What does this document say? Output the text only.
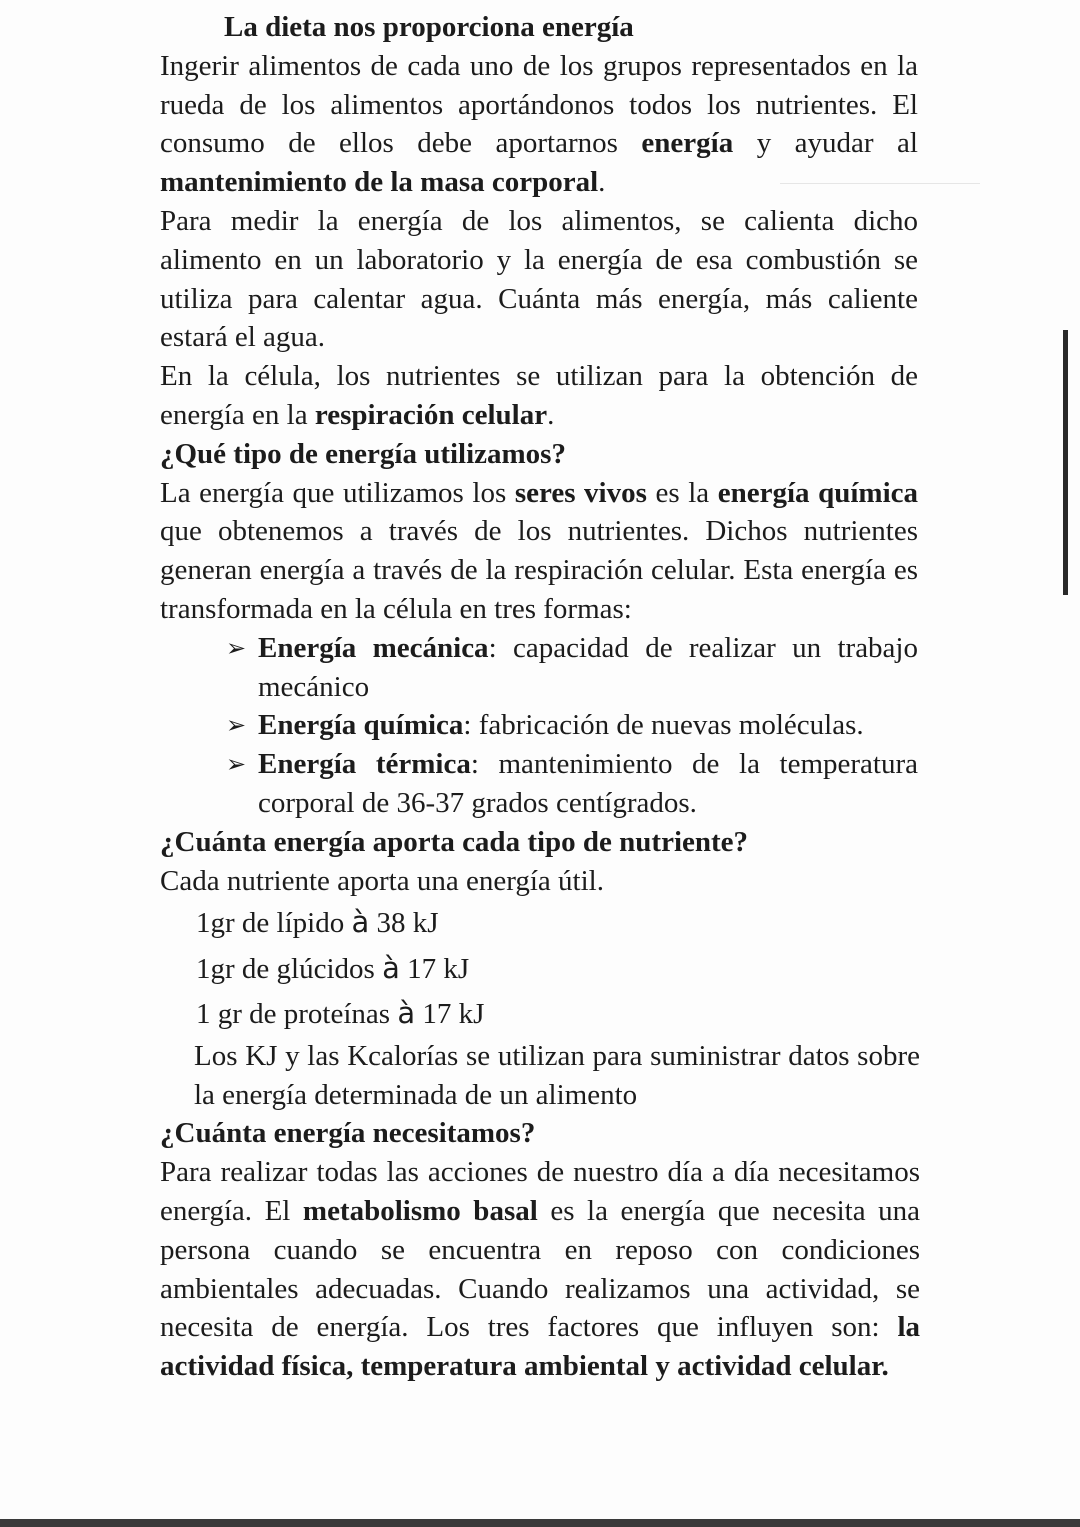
La dieta nos proporciona energía

Ingerir alimentos de cada uno de los grupos representados en la rueda de los alimentos aportándonos todos los nutrientes. El consumo de ellos debe aportarnos energía y ayudar al mantenimiento de la masa corporal.

Para medir la energía de los alimentos, se calienta dicho alimento en un laboratorio y la energía de esa combustión se utiliza para calentar agua. Cuánta más energía, más caliente estará el agua.

En la célula, los nutrientes se utilizan para la obtención de energía en la respiración celular.

¿Qué tipo de energía utilizamos?

La energía que utilizamos los seres vivos es la energía química que obtenemos a través de los nutrientes. Dichos nutrientes generan energía a través de la respiración celular. Esta energía es transformada en la célula en tres formas:

➢ Energía mecánica: capacidad de realizar un trabajo mecánico
➢ Energía química: fabricación de nuevas moléculas.
➢ Energía térmica: mantenimiento de la temperatura corporal de 36-37 grados centígrados.
¿Cuánta energía aporta cada tipo de nutriente?

Cada nutriente aporta una energía útil.

1gr de lípido à 38 kJ
1gr de glúcidos à 17 kJ
1 gr de proteínas à 17 kJ

Los KJ y las Kcalorías se utilizan para suministrar datos sobre la energía determinada de un alimento

¿Cuánta energía necesitamos?

Para realizar todas las acciones de nuestro día a día necesitamos energía. El metabolismo basal es la energía que necesita una persona cuando se encuentra en reposo con condiciones ambientales adecuadas. Cuando realizamos una actividad, se necesita de energía. Los tres factores que influyen son: la actividad física, temperatura ambiental y actividad celular.
